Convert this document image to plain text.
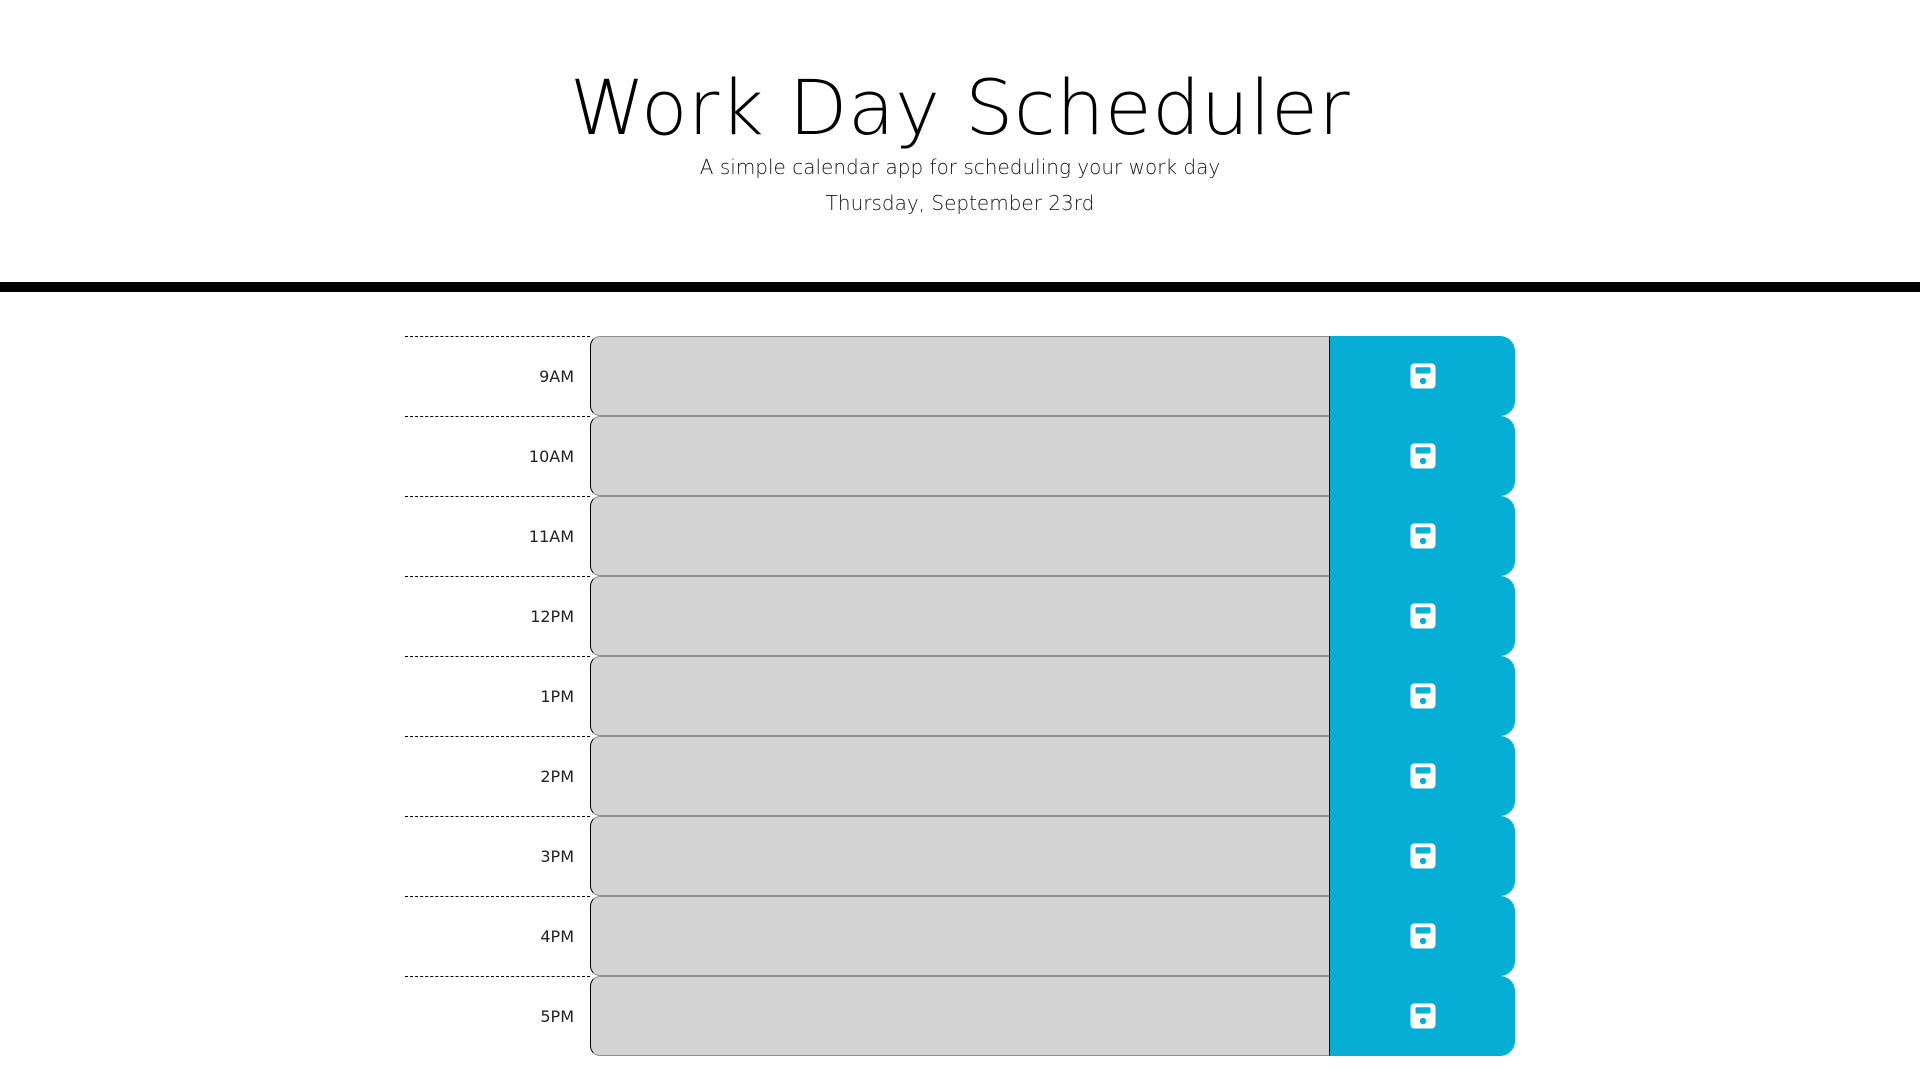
Work Day Scheduler

A simple calendar app for scheduling your work day

Thursday, September 23rd

9AM
10AM
11AM
12PM
1PM
2PM
3PM
4PM
5PM
